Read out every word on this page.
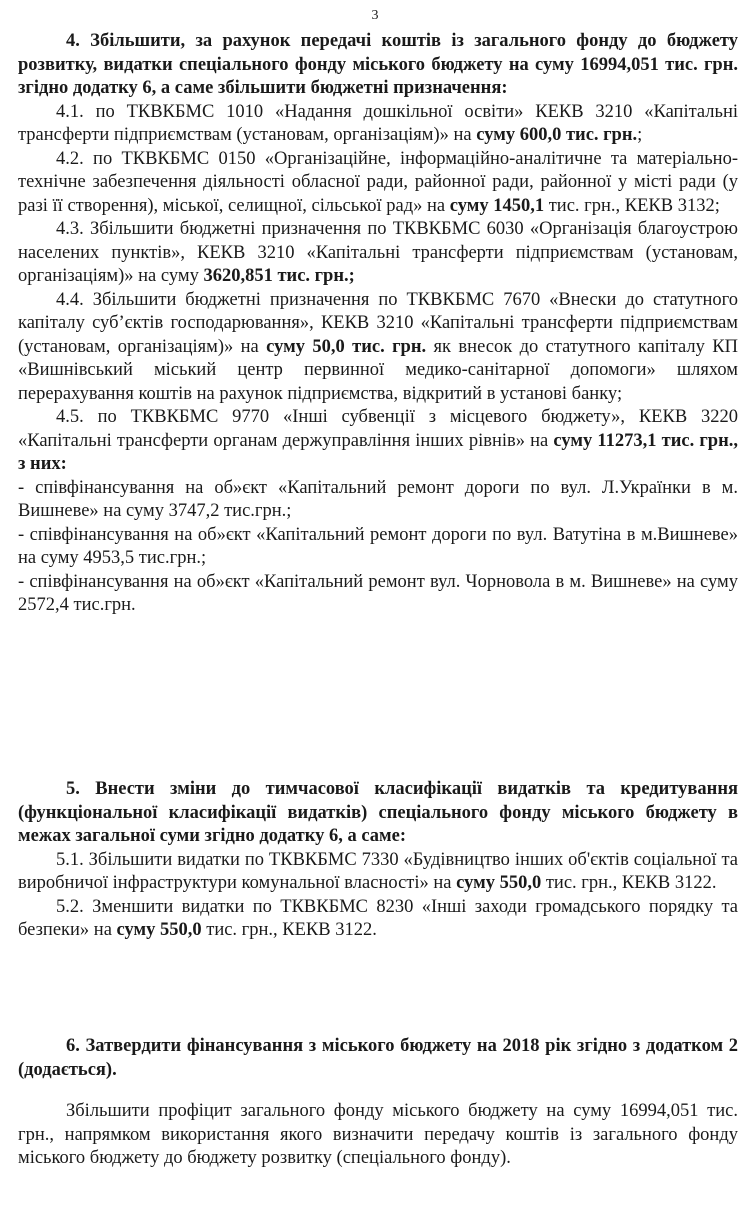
3

4. Збільшити, за рахунок передачі коштів із загального фонду до бюджету розвитку, видатки спеціального фонду міського бюджету на суму 16994,051 тис. грн. згідно додатку 6, а саме збільшити бюджетні призначення:

4.1. по ТКВКБМС 1010 «Надання дошкільної освіти» КЕКВ 3210 «Капітальні трансферти підприємствам (установам, організаціям)» на суму 600,0 тис. грн.;

4.2. по ТКВКБМС 0150 «Організаційне, інформаційно-аналітичне та матеріально-технічне забезпечення діяльності обласної ради, районної ради, районної у місті ради (у разі її створення), міської, селищної, сільської рад» на суму 1450,1 тис. грн., КЕКВ 3132;

4.3. Збільшити бюджетні призначення по ТКВКБМС 6030 «Організація благоустрою населених пунктів», КЕКВ 3210 «Капітальні трансферти підприємствам (установам, організаціям)» на суму 3620,851 тис. грн.;

4.4. Збільшити бюджетні призначення по ТКВКБМС 7670 «Внески до статутного капіталу суб’єктів господарювання», КЕКВ 3210 «Капітальні трансферти підприємствам (установам, організаціям)» на суму 50,0 тис. грн. як внесок до статутного капіталу КП «Вишнівський міський центр первинної медико-санітарної допомоги» шляхом перерахування коштів на рахунок підприємства, відкритий в установі банку;

4.5. по ТКВКБМС 9770 «Інші субвенції з місцевого бюджету», КЕКВ 3220 «Капітальні трансферти органам держуправління інших рівнів» на суму 11273,1 тис. грн., з них:

- співфінансування на об»єкт «Капітальний ремонт дороги по вул. Л.Українки в м. Вишневе» на суму 3747,2 тис.грн.;

- співфінансування на об»єкт «Капітальний ремонт дороги по вул. Ватутіна в м.Вишневе» на суму 4953,5 тис.грн.;

- співфінансування на об»єкт «Капітальний ремонт вул. Чорновола в м. Вишневе» на суму 2572,4 тис.грн.

5. Внести зміни до тимчасової класифікації видатків та кредитування (функціональної класифікації видатків) спеціального фонду міського бюджету в межах загальної суми згідно додатку 6, а саме:

5.1. Збільшити видатки по ТКВКБМС 7330 «Будівництво інших об'єктів соціальної та виробничої інфраструктури комунальної власності» на суму 550,0 тис. грн., КЕКВ 3122.

5.2. Зменшити видатки по ТКВКБМС 8230 «Інші заходи громадського порядку та безпеки» на суму 550,0 тис. грн., КЕКВ 3122.

6. Затвердити фінансування з міського бюджету на 2018 рік згідно з додатком 2 (додається).

Збільшити профіцит загального фонду міського бюджету на суму 16994,051 тис. грн., напрямком використання якого визначити передачу коштів із загального фонду міського бюджету до бюджету розвитку (спеціального фонду).
